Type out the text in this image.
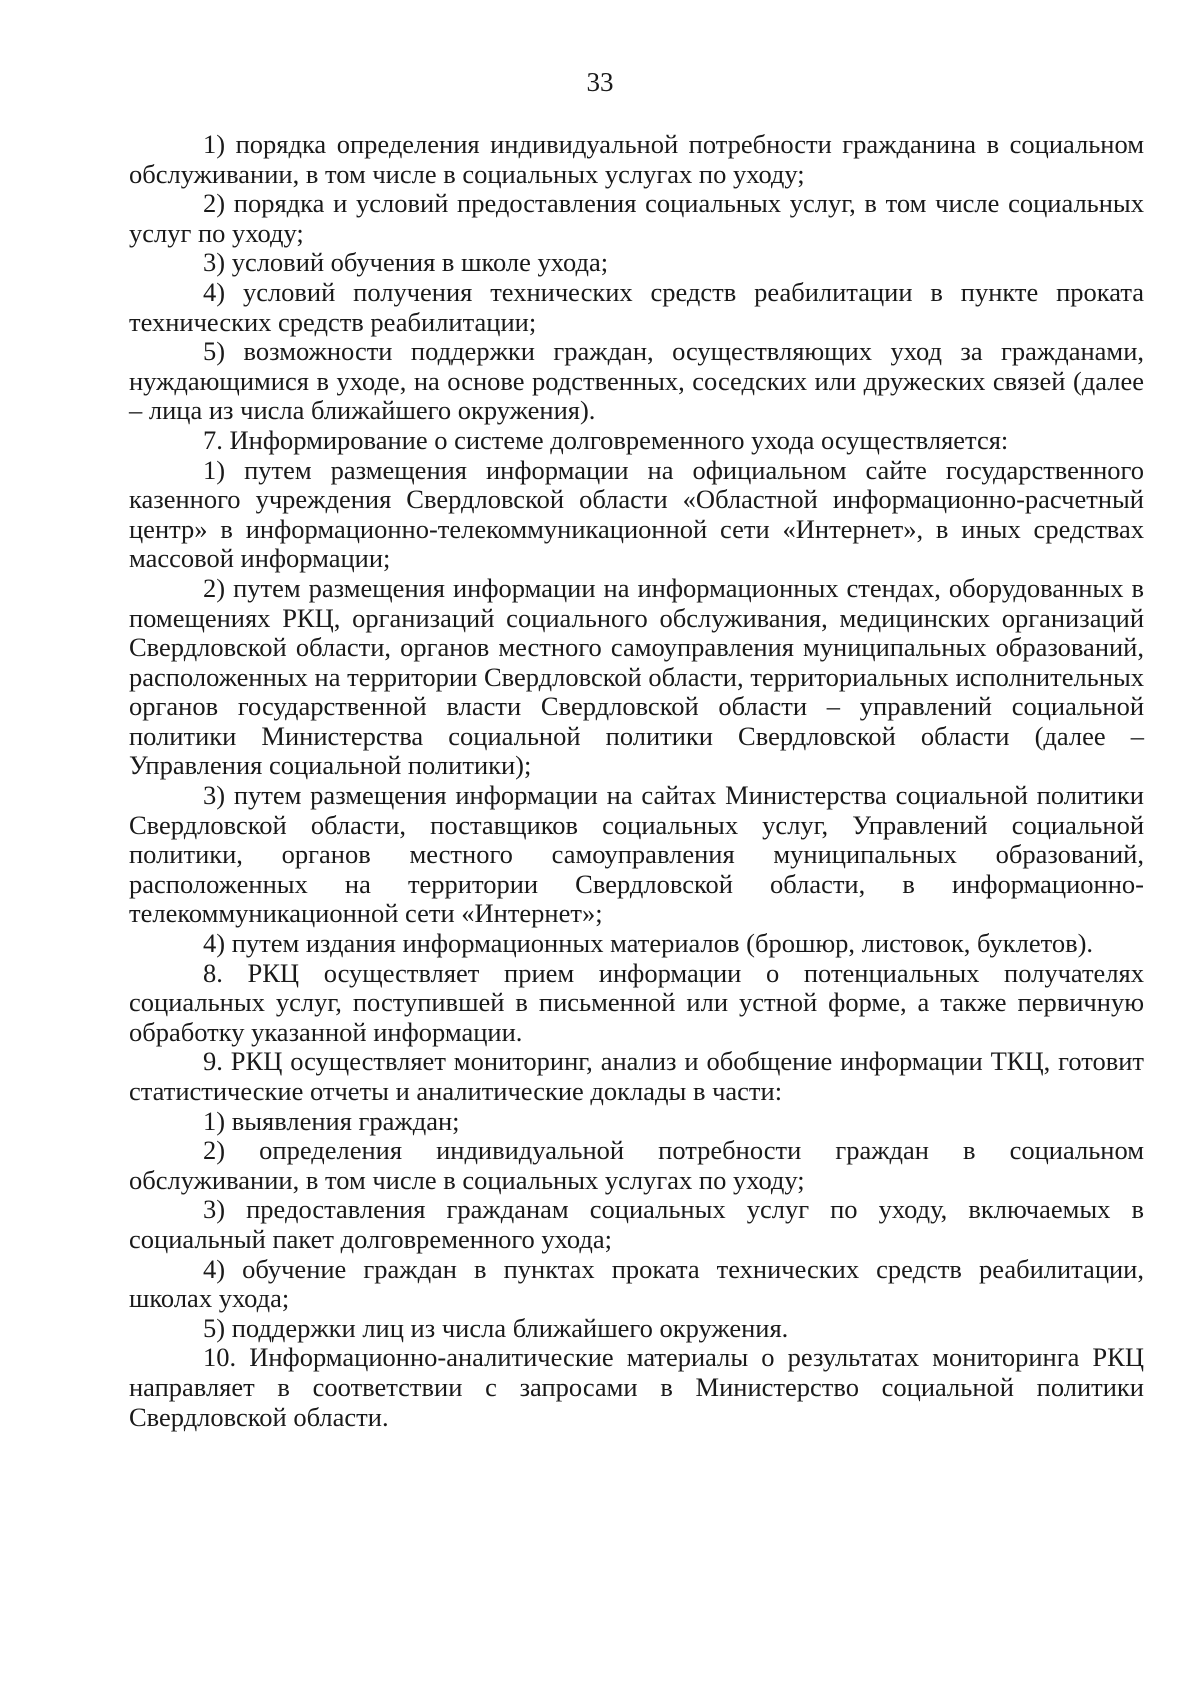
33

1) порядка определения индивидуальной потребности гражданина в социальном обслуживании, в том числе в социальных услугах по уходу;

2) порядка и условий предоставления социальных услуг, в том числе социальных услуг по уходу;

3) условий обучения в школе ухода;

4) условий получения технических средств реабилитации в пункте проката технических средств реабилитации;

5) возможности поддержки граждан, осуществляющих уход за гражданами, нуждающимися в уходе, на основе родственных, соседских или дружеских связей (далее – лица из числа ближайшего окружения).

7. Информирование о системе долговременного ухода осуществляется:

1) путем размещения информации на официальном сайте государственного казенного учреждения Свердловской области «Областной информационно-расчетный центр» в информационно-телекоммуникационной сети «Интернет», в иных средствах массовой информации;

2) путем размещения информации на информационных стендах, оборудованных в помещениях РКЦ, организаций социального обслуживания, медицинских организаций Свердловской области, органов местного самоуправления муниципальных образований, расположенных на территории Свердловской области, территориальных исполнительных органов государственной власти Свердловской области – управлений социальной политики Министерства социальной политики Свердловской области (далее – Управления социальной политики);

3) путем размещения информации на сайтах Министерства социальной политики Свердловской области, поставщиков социальных услуг, Управлений социальной политики, органов местного самоуправления муниципальных образований, расположенных на территории Свердловской области, в информационно-телекоммуникационной сети «Интернет»;

4) путем издания информационных материалов (брошюр, листовок, буклетов).

8. РКЦ осуществляет прием информации о потенциальных получателях социальных услуг, поступившей в письменной или устной форме, а также первичную обработку указанной информации.

9. РКЦ осуществляет мониторинг, анализ и обобщение информации ТКЦ, готовит статистические отчеты и аналитические доклады в части:

1) выявления граждан;

2) определения индивидуальной потребности граждан в социальном обслуживании, в том числе в социальных услугах по уходу;

3) предоставления гражданам социальных услуг по уходу, включаемых в социальный пакет долговременного ухода;

4) обучение граждан в пунктах проката технических средств реабилитации, школах ухода;

5) поддержки лиц из числа ближайшего окружения.

10. Информационно-аналитические материалы о результатах мониторинга РКЦ направляет в соответствии с запросами в Министерство социальной политики Свердловской области.
